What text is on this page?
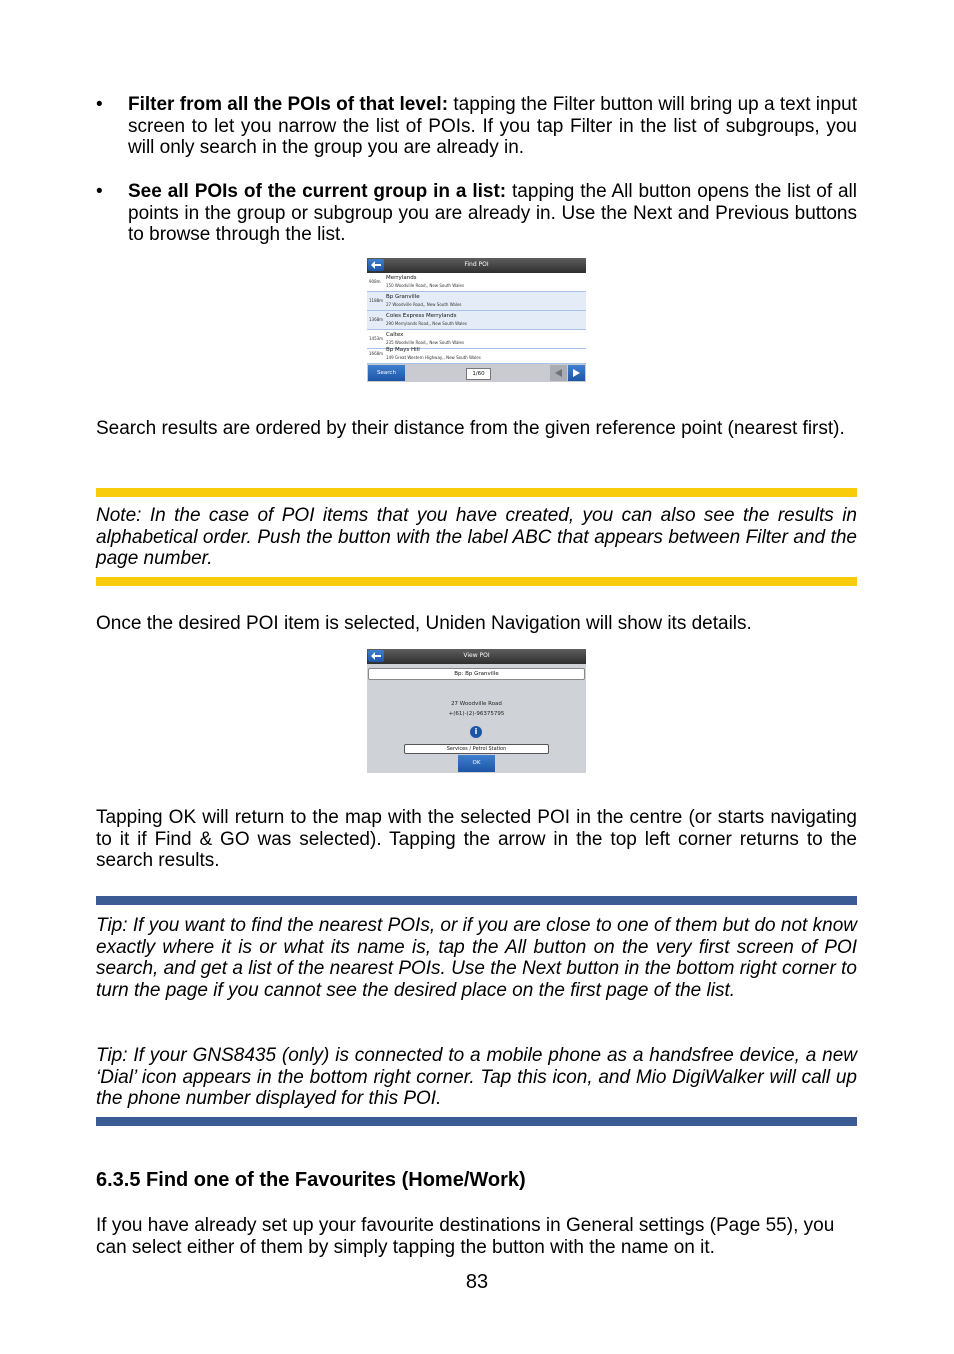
• Filter from all the POIs of that level: tapping the Filter button will bring up a text input screen to let you narrow the list of POIs. If you tap Filter in the list of subgroups, you will only search in the group you are already in.
• See all POIs of the current group in a list: tapping the All button opens the list of all points in the group or subgroup you are already in. Use the Next and Previous buttons to browse through the list.
Find POI
908m
Merrylands
150 Woodville Road,, New South Wales
1188m
Bp Granville
27 Woodville Road,, New South Wales
1368m
Coles Express Merrylands
290 Merrylands Road,, New South Wales
1453m
Caltex
235 Woodville Road,, New South Wales
1668m
Bp Mays Hill
149 Great Western Highway,, New South Wales
Search	1/60
Search results are ordered by their distance from the given reference point (nearest first).
Note: In the case of POI items that you have created, you can also see the results in alphabetical order. Push the button with the label ABC that appears between Filter and the page number.
Once the desired POI item is selected, Uniden Navigation will show its details.
View POI
Bp: Bp Granville
27 Woodville Road
+(61)-(2)-96375795
i
Services / Petrol Station
OK
Tapping OK will return to the map with the selected POI in the centre (or starts navigating to it if Find & GO was selected). Tapping the arrow in the top left corner returns to the search results.
Tip: If you want to find the nearest POIs, or if you are close to one of them but do not know exactly where it is or what its name is, tap the All button on the very first screen of POI search, and get a list of the nearest POIs. Use the Next button in the bottom right corner to turn the page if you cannot see the desired place on the first page of the list.
Tip: If your GNS8435 (only) is connected to a mobile phone as a handsfree device, a new ‘Dial’ icon appears in the bottom right corner. Tap this icon, and Mio DigiWalker will call up the phone number displayed for this POI.
6.3.5 Find one of the Favourites (Home/Work)
If you have already set up your favourite destinations in General settings (Page 55), you can select either of them by simply tapping the button with the name on it.
83
